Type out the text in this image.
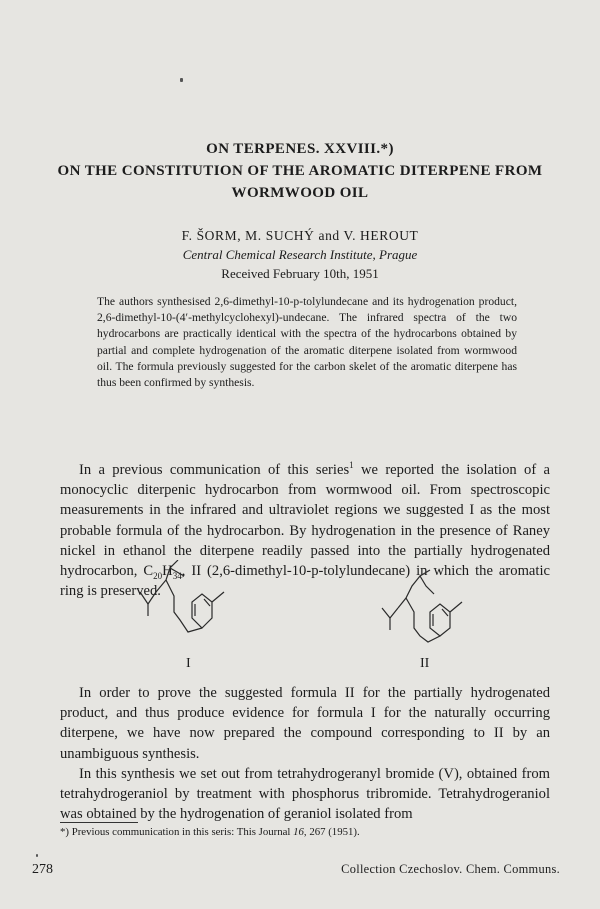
ON TERPENES. XXVIII.*)
ON THE CONSTITUTION OF THE AROMATIC DITERPENE FROM
WORMWOOD OIL
F. ŠORM, M. SUCHÝ and V. HEROUT
Central Chemical Research Institute, Prague
Received February 10th, 1951
The authors synthesised 2,6-dimethyl-10-p-tolylundecane and its hydrogenation product, 2,6-dimethyl-10-(4′-methylcyclohexyl)-undecane. The infrared spectra of the two hydrocarbons are practically identical with the spectra of the hydrocarbons obtained by partial and complete hydrogenation of the aromatic diterpene isolated from wormwood oil. The formula previously suggested for the carbon skelet of the aromatic diterpene has thus been confirmed by synthesis.
In a previous communication of this series$^1$ we reported the isolation of a monocyclic diterpenic hydrocarbon from wormwood oil. From spectroscopic measurements in the infrared and ultraviolet regions we suggested I as the most probable formula of the hydrocarbon. By hydrogenation in the presence of Raney nickel in ethanol the diterpene readily passed into the partially hydrogenated hydrocarbon, $C_{20}H_{34}$, II (2,6-dimethyl-10-p-tolylundecane) in which the aromatic ring is preserved.
I	II
In order to prove the suggested formula II for the partially hydrogenated product, and thus produce evidence for formula I for the naturally occurring diterpene, we have now prepared the compound corresponding to II by an unambiguous synthesis.
In this synthesis we set out from tetrahydrogeranyl bromide (V), obtained from tetrahydrogeraniol by treatment with phosphorus tribromide. Tetrahydrogeraniol was obtained by the hydrogenation of geraniol isolated from
*) Previous communication in this seris: This Journal 16, 267 (1951).
278	Collection Czechoslov. Chem. Communs.
